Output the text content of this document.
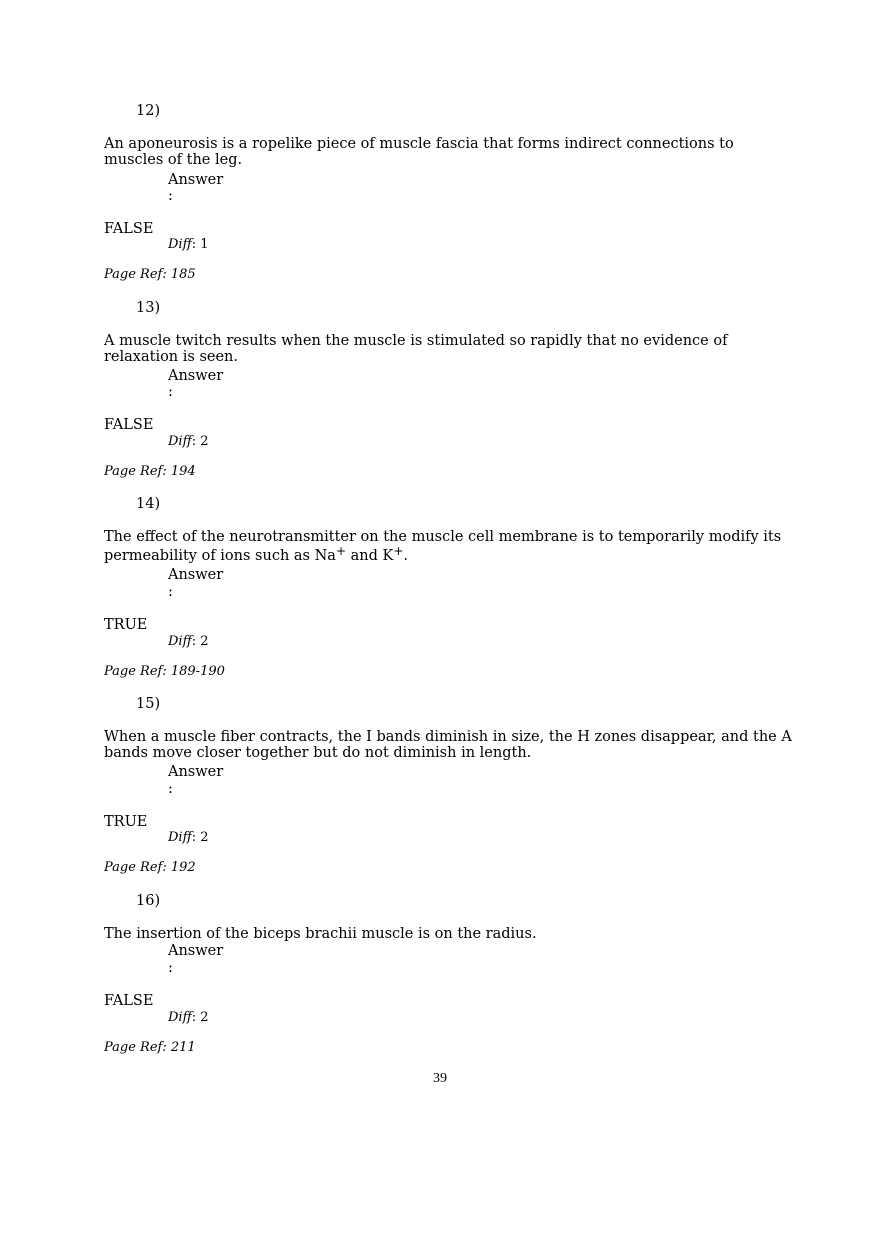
12)
An aponeurosis is a ropelike piece of muscle fascia that forms indirect connections to muscles of the leg.
Answer
:
FALSE
Diff: 1
Page Ref: 185
13)
A muscle twitch results when the muscle is stimulated so rapidly that no evidence of relaxation is seen.
Answer
:
FALSE
Diff: 2
Page Ref: 194
14)
The effect of the neurotransmitter on the muscle cell membrane is to temporarily modify its permeability of ions such as Na+ and K+.
Answer
:
TRUE
Diff: 2
Page Ref: 189-190
15)
When a muscle fiber contracts, the I bands diminish in size, the H zones disappear, and the A bands move closer together but do not diminish in length.
Answer
:
TRUE
Diff: 2
Page Ref: 192
16)
The insertion of the biceps brachii muscle is on the radius.
Answer
:
FALSE
Diff: 2
Page Ref: 211
39
